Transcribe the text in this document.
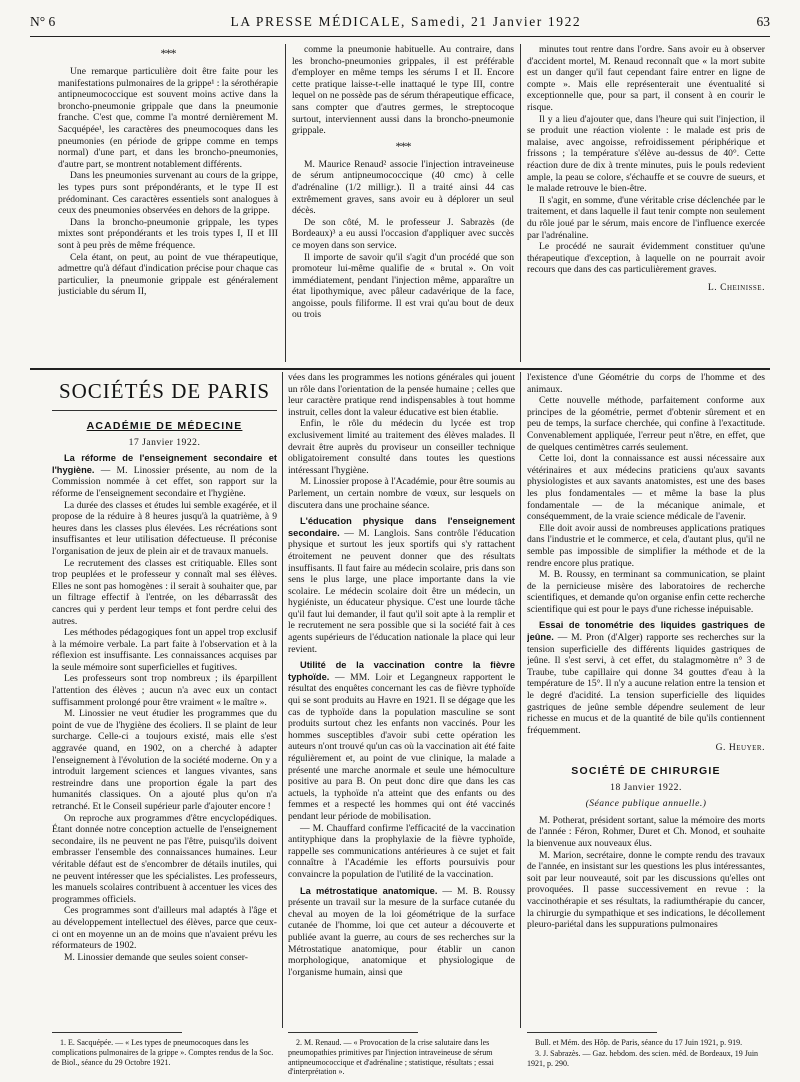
N° 6	LA PRESSE MÉDICALE, Samedi, 21 Janvier 1922	63
***

Une remarque particulière doit être faite pour les manifestations pulmonaires de la grippe¹ : la sérothérapie antipneumococcique est souvent moins active dans la broncho-pneumonie grippale que dans la pneumonie franche. C'est que, comme l'a montré dernièrement M. Sacquépée¹, les caractères des pneumocoques dans les pneumonies (en période de grippe comme en temps normal) d'une part, et dans les broncho-pneumonies, d'autre part, se montrent notablement différents.

Dans les pneumonies survenant au cours de la grippe, les types purs sont prépondérants, et le type II est prédominant. Ces caractères essentiels sont analogues à ceux des pneumonies observées en dehors de la grippe.

Dans la broncho-pneumonie grippale, les types mixtes sont prépondérants et les trois types I, II et III sont à peu près de même fréquence.

Cela étant, on peut, au point de vue thérapeutique, admettre qu'à défaut d'indication précise pour chaque cas particulier, la pneumonie grippale est généralement justiciable du sérum II,

comme la pneumonie habituelle. Au contraire, dans les broncho-pneumonies grippales, il est préférable d'employer en même temps les sérums I et II. Encore cette pratique laisse-t-elle inattaqué le type III, contre lequel on ne possède pas de sérum thérapeutique efficace, sans compter que d'autres germes, le streptocoque surtout, interviennent aussi dans la broncho-pneumonie grippale.

***

M. Maurice Renaud² associe l'injection intraveineuse de sérum antipneumococcique (40 cmc) à celle d'adrénaline (1/2 milligr.). Il a traité ainsi 44 cas extrêmement graves, sans avoir eu à déplorer un seul décès.

De son côté, M. le professeur J. Sabrazès (de Bordeaux)³ a eu aussi l'occasion d'appliquer avec succès ce moyen dans son service.

Il importe de savoir qu'il s'agit d'un procédé que son promoteur lui-même qualifie de « brutal ». On voit immédiatement, pendant l'injection même, apparaître un état lipothymique, avec pâleur cadavérique de la face, angoisse, pouls filiforme. Il est vrai qu'au bout de deux ou trois

minutes tout rentre dans l'ordre. Sans avoir eu à observer d'accident mortel, M. Renaud reconnaît que « la mort subite est un danger qu'il faut cependant faire entrer en ligne de compte ». Mais elle représenterait une éventualité si exceptionnelle que, pour sa part, il consent à en courir le risque.

Il y a lieu d'ajouter que, dans l'heure qui suit l'injection, il se produit une réaction violente : le malade est pris de malaise, avec angoisse, refroidissement périphérique et frissons ; la température s'élève au-dessus de 40°. Cette réaction dure de dix à trente minutes, puis le pouls redevient ample, la peau se colore, s'échauffe et se couvre de sueurs, et le malade retrouve le bien-être.

Il s'agit, en somme, d'une véritable crise déclenchée par le traitement, et dans laquelle il faut tenir compte non seulement du rôle joué par le sérum, mais encore de l'influence exercée par l'adrénaline.

Le procédé ne saurait évidemment constituer qu'une thérapeutique d'exception, à laquelle on ne pourrait avoir recours que dans des cas particulièrement graves.

L. Cheinisse.
SOCIÉTÉS DE PARIS
ACADÉMIE DE MÉDECINE
17 Janvier 1922.

La réforme de l'enseignement secondaire et l'hygiène. — M. Linossier présente, au nom de la Commission nommée à cet effet, son rapport sur la réforme de l'enseignement secondaire et l'hygiène.

La durée des classes et études lui semble exagérée, et il propose de la réduire à 8 heures jusqu'à la quatrième, à 9 heures dans les classes plus élevées. Les récréations sont insuffisantes et leur utilisation défectueuse. Il préconise l'organisation de jeux de plein air et de travaux manuels.

Le recrutement des classes est critiquable. Elles sont trop peuplées et le professeur y connaît mal ses élèves. Elles ne sont pas homogènes : il serait à souhaiter que, par un filtrage effectif à l'entrée, on les débarrassât des cancres qui y perdent leur temps et font perdre celui des autres.

Les méthodes pédagogiques font un appel trop exclusif à la mémoire verbale. La part faite à l'observation et à la réflexion est insuffisante. Les connaissances acquises par la seule mémoire sont superficielles et fugitives.

Les professeurs sont trop nombreux ; ils éparpillent l'attention des élèves ; aucun n'a avec eux un contact suffisamment prolongé pour être vraiment « le maître ».

M. Linossier ne veut étudier les programmes que du point de vue de l'hygiène des écoliers. Il se plaint de leur surcharge. Celle-ci a toujours existé, mais elle s'est aggravée quand, en 1902, on a cherché à adapter l'enseignement à l'évolution de la société moderne. On y a introduit largement sciences et langues vivantes, sans restreindre dans une proportion égale la part des humanités classiques. On a ajouté plus qu'on n'a retranché. Et le Conseil supérieur parle d'ajouter encore !

On reproche aux programmes d'être encyclopédiques. Étant donnée notre conception actuelle de l'enseignement secondaire, ils ne peuvent ne pas l'être, puisqu'ils doivent embrasser l'ensemble des connaissances humaines. Leur véritable défaut est de s'encombrer de détails inutiles, qui ne peuvent intéresser que les spécialistes. Les professeurs, les manuels scolaires contribuent à accentuer les vices des programmes officiels.

Ces programmes sont d'ailleurs mal adaptés à l'âge et au développement intellectuel des élèves, parce que ceux-ci ont en moyenne un an de moins que n'avaient prévu les réformateurs de 1902.

M. Linossier demande que seules soient conser-

vées dans les programmes les notions générales qui jouent un rôle dans l'orientation de la pensée humaine ; celles que leur caractère pratique rend indispensables à tout homme instruit, celles dont la valeur éducative est bien établie.

Enfin, le rôle du médecin du lycée est trop exclusivement limité au traitement des élèves malades. Il devrait être auprès du proviseur un conseiller technique obligatoirement consulté dans toutes les questions intéressant l'hygiène.

M. Linossier propose à l'Académie, pour être soumis au Parlement, un certain nombre de vœux, sur lesquels on discutera dans une prochaine séance.

L'éducation physique dans l'enseignement secondaire. — M. Langlois. Sans contrôle l'éducation physique et surtout les jeux sportifs qui s'y rattachent étroitement ne peuvent donner que des résultats insuffisants. Il faut faire au médecin scolaire, pris dans son sens le plus large, une place importante dans la vie scolaire. Le médecin scolaire doit être un médecin, un hygiéniste, un éducateur physique. C'est une lourde tâche qu'il faut lui demander, il faut qu'il soit apte à la remplir et le recrutement ne sera possible que si la société fait à ces agents supérieurs de l'éducation nationale la place qui leur revient.

Utilité de la vaccination contre la fièvre typhoïde. — MM. Loir et Legangneux rapportent le résultat des enquêtes concernant les cas de fièvre typhoïde qui se sont produits au Havre en 1921. Il se dégage que les cas de typhoïde dans la population masculine se sont produits surtout chez les enfants non vaccinés. Pour les hommes susceptibles d'avoir subi cette opération les auteurs n'ont trouvé qu'un cas où la vaccination ait été faite régulièrement et, au point de vue clinique, la malade a présenté une marche anormale et seule une hémoculture positive au para B. On peut donc dire que dans les cas actuels, la typhoïde n'a atteint que des enfants ou des femmes et a respecté les hommes qui ont été vaccinés pendant leur période de mobilisation.

— M. Chauffard confirme l'efficacité de la vaccination antityphique dans la prophylaxie de la fièvre typhoïde, rappelle ses communications antérieures à ce sujet et fait connaître à l'Académie les efforts poursuivis pour convaincre la population de l'utilité de la vaccination.

La métrostatique anatomique. — M. B. Roussy présente un travail sur la mesure de la surface cutanée du cheval au moyen de la loi géométrique de la surface cutanée de l'homme, loi que cet auteur a découverte et publiée avant la guerre, au cours de ses recherches sur la Métrostatique anatomique, pour établir un canon morphologique, anatomique et physiologique de l'organisme humain, ainsi que

l'existence d'une Géométrie du corps de l'homme et des animaux.

Cette nouvelle méthode, parfaitement conforme aux principes de la géométrie, permet d'obtenir sûrement et en peu de temps, la surface cherchée, qui confine à l'exactitude. Convenablement appliquée, l'erreur peut n'être, en effet, que de quelques centimètres carrés seulement.

Cette loi, dont la connaissance est aussi nécessaire aux vétérinaires et aux médecins praticiens qu'aux savants physiologistes et aux savants anatomistes, est une des bases les plus fondamentales — et même la base la plus fondamentale — de la mécanique animale, et conséquemment, de la vraie science médicale de l'avenir.

Elle doit avoir aussi de nombreuses applications pratiques dans l'industrie et le commerce, et cela, d'autant plus, qu'il ne semble pas impossible de simplifier la méthode et de la rendre encore plus pratique.

M. B. Roussy, en terminant sa communication, se plaint de la pernicieuse misère des laboratoires de recherche scientifiques, et demande qu'on organise enfin cette recherche scientifique qui est pour le pays d'une richesse inépuisable.

Essai de tonométrie des liquides gastriques de jeûne. — M. Pron (d'Alger) rapporte ses recherches sur la tension superficielle des différents liquides gastriques de jeûne. Il s'est servi, à cet effet, du stalagmomètre n° 3 de Traube, tube capillaire qui donne 34 gouttes d'eau à la température de 15°. Il n'y a aucune relation entre la tension et le degré d'acidité. La tension superficielle des liquides gastriques de jeûne semble dépendre seulement de leur richesse en mucus et de la quantité de bile qu'ils contiennent fréquemment.

G. Heuyer.
SOCIÉTÉ DE CHIRURGIE
18 Janvier 1922.
(Séance publique annuelle.)

M. Potherat, président sortant, salue la mémoire des morts de l'année : Féron, Rohmer, Duret et Ch. Monod, et souhaite la bienvenue aux nouveaux élus.

M. Marion, secrétaire, donne le compte rendu des travaux de l'année, en insistant sur les questions les plus intéressantes, soit par leur nouveauté, soit par les discussions qu'elles ont provoquées. Il passe successivement en revue : la vaccinothérapie et ses résultats, la radiumthérapie du cancer, la chirurgie du sympathique et ses indications, le décollement pleuro-pariétal dans les suppurations pulmonaires

1. E. Sacquépée. — « Les types de pneumocoques dans les complications pulmonaires de la grippe ». Comptes rendus de la Soc. de Biol., séance du 29 Octobre 1921.

2. M. Renaud. — « Provocation de la crise salutaire dans les pneumopathies primitives par l'injection intraveineuse de sérum antipneumococcique et d'adrénaline ; statistique, résultats ; essai d'interprétation ».

Bull. et Mém. des Hôp. de Paris, séance du 17 Juin 1921, p. 919.

3. J. Sabrazès. — Gaz. hebdom. des scien. méd. de Bordeaux, 19 Juin 1921, p. 290.
